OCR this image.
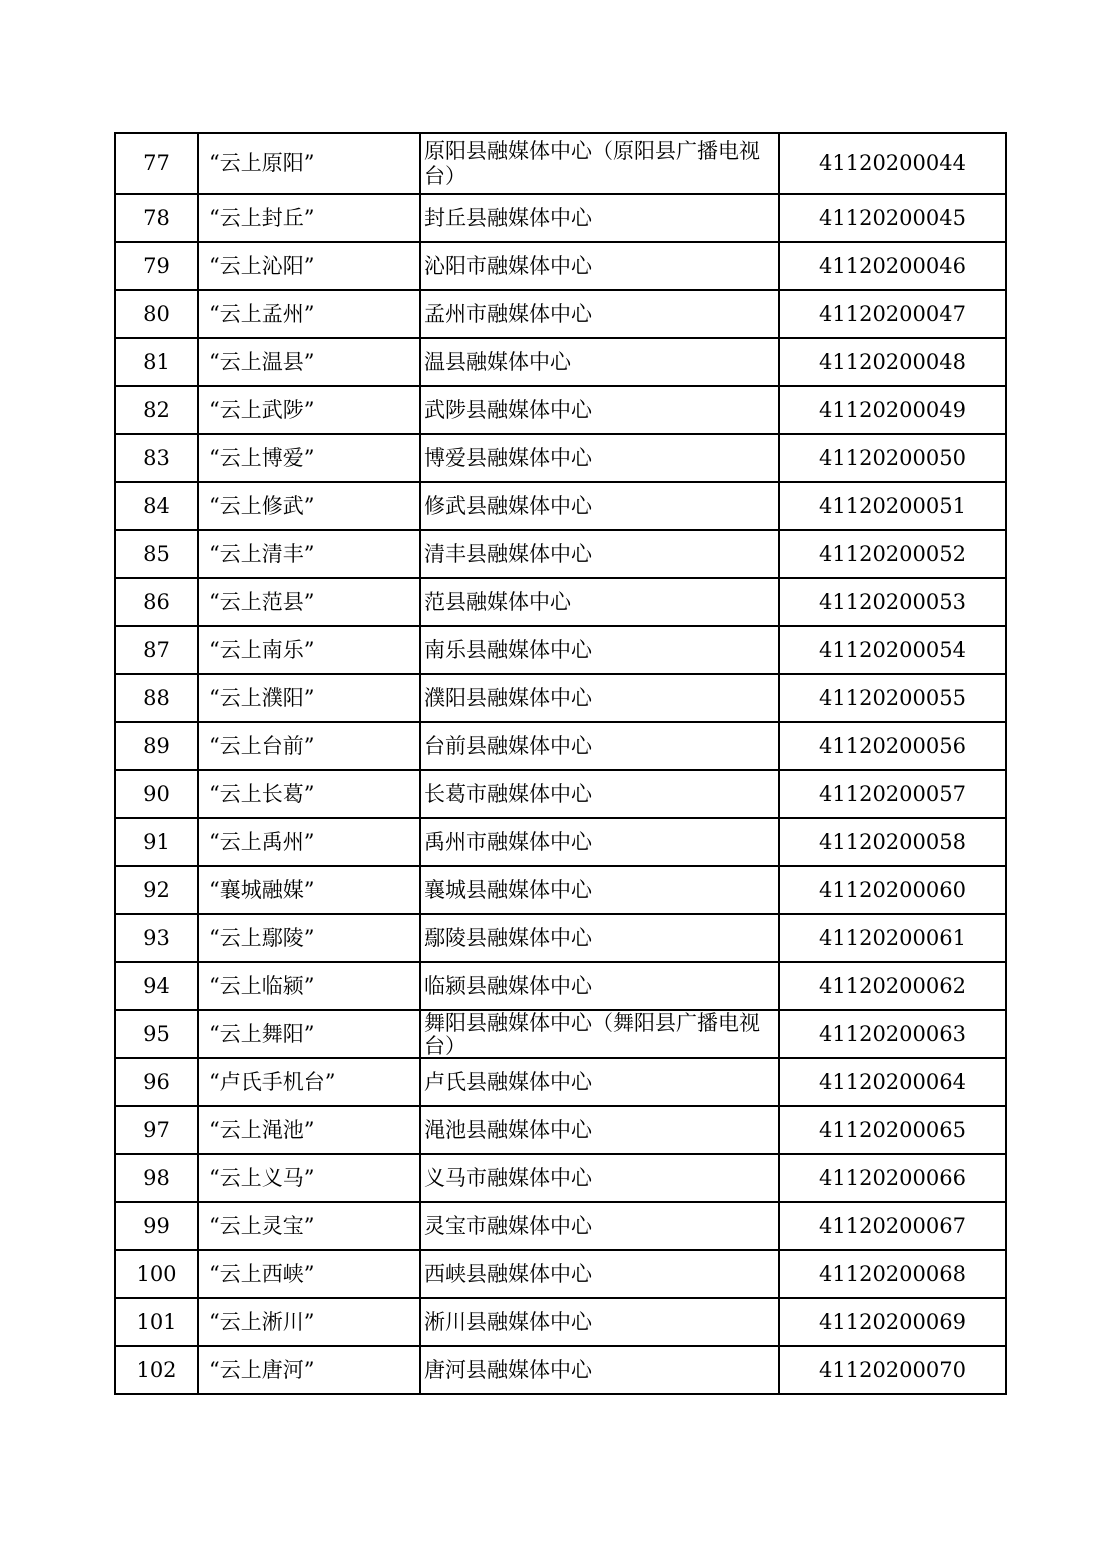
77	“云上原阳”	原阳县融媒体中心（原阳县广播电视台）	41120200044
78	“云上封丘”	封丘县融媒体中心	41120200045
79	“云上沁阳”	沁阳市融媒体中心	41120200046
80	“云上孟州”	孟州市融媒体中心	41120200047
81	“云上温县”	温县融媒体中心	41120200048
82	“云上武陟”	武陟县融媒体中心	41120200049
83	“云上博爱”	博爱县融媒体中心	41120200050
84	“云上修武”	修武县融媒体中心	41120200051
85	“云上清丰”	清丰县融媒体中心	41120200052
86	“云上范县”	范县融媒体中心	41120200053
87	“云上南乐”	南乐县融媒体中心	41120200054
88	“云上濮阳”	濮阳县融媒体中心	41120200055
89	“云上台前”	台前县融媒体中心	41120200056
90	“云上长葛”	长葛市融媒体中心	41120200057
91	“云上禹州”	禹州市融媒体中心	41120200058
92	“襄城融媒”	襄城县融媒体中心	41120200060
93	“云上鄢陵”	鄢陵县融媒体中心	41120200061
94	“云上临颍”	临颍县融媒体中心	41120200062
95	“云上舞阳”	舞阳县融媒体中心（舞阳县广播电视台）	41120200063
96	“卢氏手机台”	卢氏县融媒体中心	41120200064
97	“云上渑池”	渑池县融媒体中心	41120200065
98	“云上义马”	义马市融媒体中心	41120200066
99	“云上灵宝”	灵宝市融媒体中心	41120200067
100	“云上西峡”	西峡县融媒体中心	41120200068
101	“云上淅川”	淅川县融媒体中心	41120200069
102	“云上唐河”	唐河县融媒体中心	41120200070
